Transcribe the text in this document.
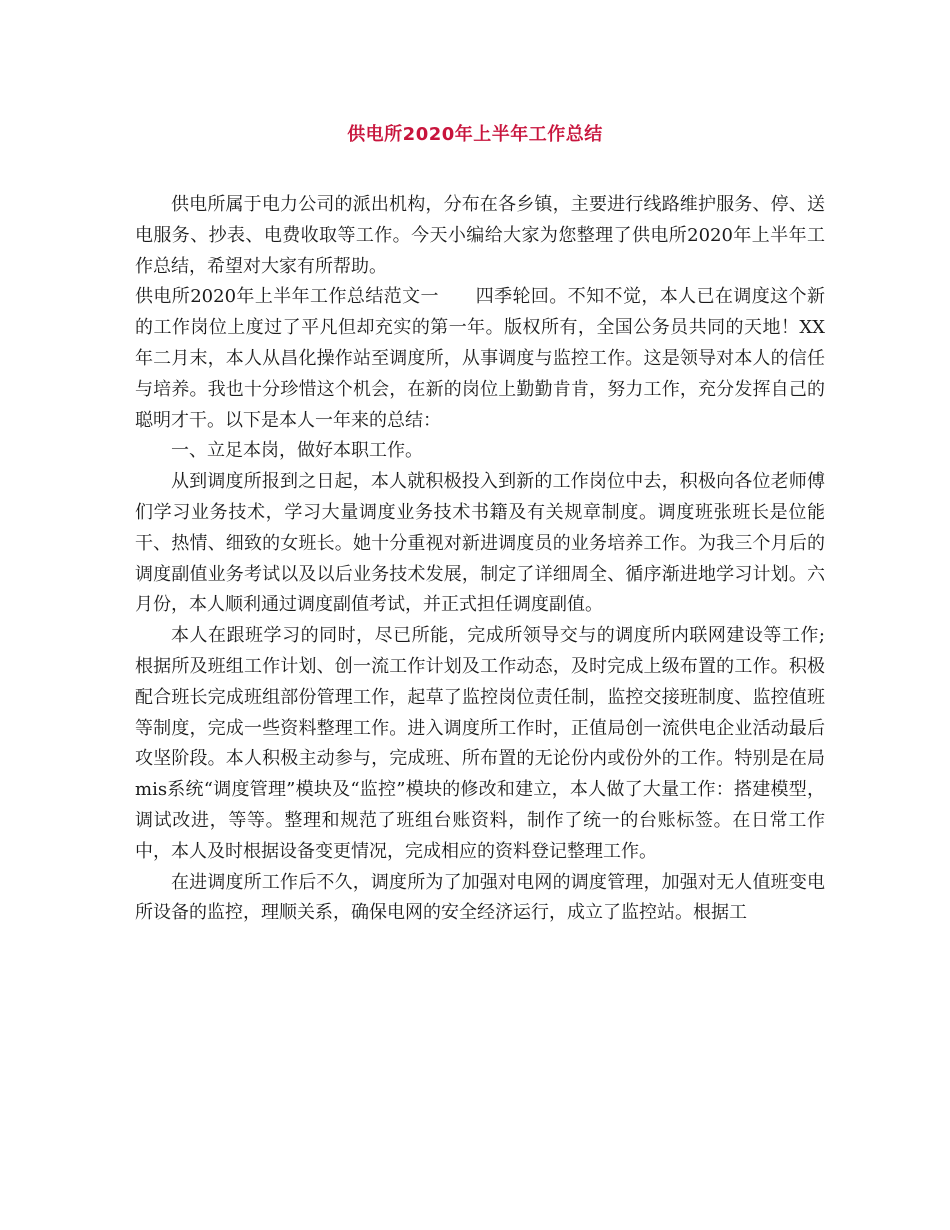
供电所2020年上半年工作总结

供电所属于电力公司的派出机构，分布在各乡镇，主要进行线路维护服务、停、送电服务、抄表、电费收取等工作。今天小编给大家为您整理了供电所2020年上半年工作总结，希望对大家有所帮助。

供电所2020年上半年工作总结范文一　　四季轮回。不知不觉，本人已在调度这个新的工作岗位上度过了平凡但却充实的第一年。版权所有，全国公务员共同的天地！XX年二月末，本人从昌化操作站至调度所，从事调度与监控工作。这是领导对本人的信任与培养。我也十分珍惜这个机会，在新的岗位上勤勤肯肯，努力工作，充分发挥自己的聪明才干。以下是本人一年来的总结：

一、立足本岗，做好本职工作。

从到调度所报到之日起，本人就积极投入到新的工作岗位中去，积极向各位老师傅们学习业务技术，学习大量调度业务技术书籍及有关规章制度。调度班张班长是位能干、热情、细致的女班长。她十分重视对新进调度员的业务培养工作。为我三个月后的调度副值业务考试以及以后业务技术发展，制定了详细周全、循序渐进地学习计划。六月份，本人顺利通过调度副值考试，并正式担任调度副值。

本人在跟班学习的同时，尽已所能，完成所领导交与的调度所内联网建设等工作;根据所及班组工作计划、创一流工作计划及工作动态，及时完成上级布置的工作。积极配合班长完成班组部份管理工作，起草了监控岗位责任制，监控交接班制度、监控值班等制度，完成一些资料整理工作。进入调度所工作时，正值局创一流供电企业活动最后攻坚阶段。本人积极主动参与，完成班、所布置的无论份内或份外的工作。特别是在局mis系统“调度管理”模块及“监控”模块的修改和建立，本人做了大量工作：搭建模型，调试改进，等等。整理和规范了班组台账资料，制作了统一的台账标签。在日常工作中，本人及时根据设备变更情况，完成相应的资料登记整理工作。

在进调度所工作后不久，调度所为了加强对电网的调度管理，加强对无人值班变电所设备的监控，理顺关系，确保电网的安全经济运行，成立了监控站。根据工
